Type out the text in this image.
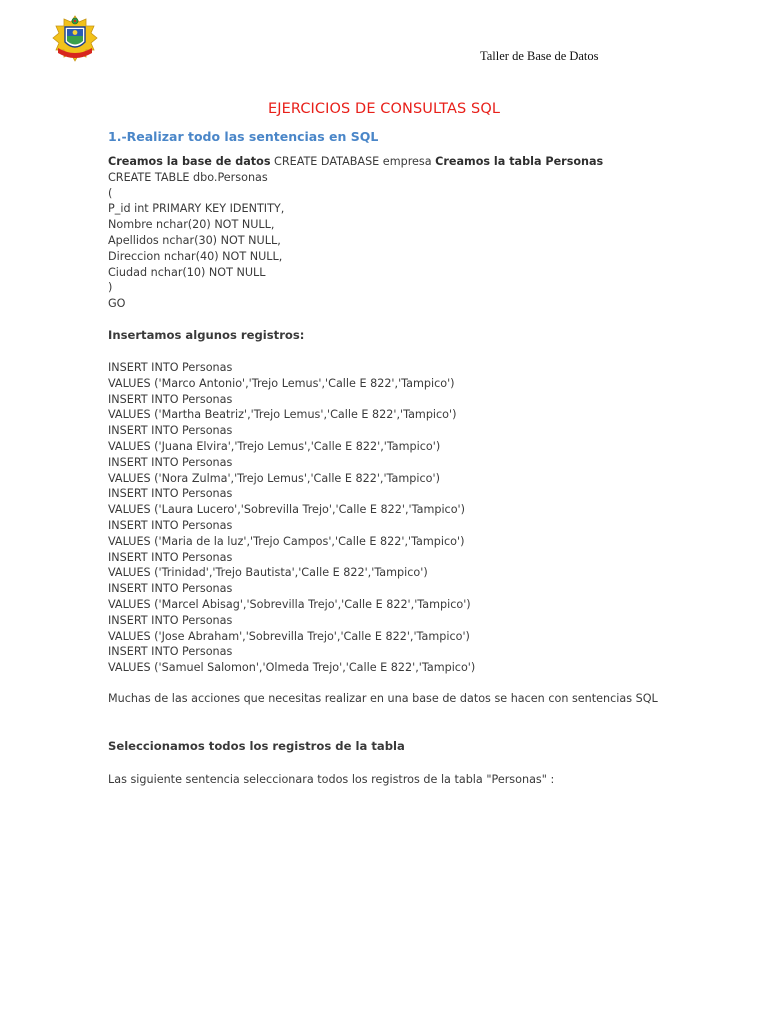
Taller de Base de Datos
EJERCICIOS DE CONSULTAS SQL
1.-Realizar todo las sentencias en SQL
Creamos la base de datos CREATE DATABASE empresa Creamos la tabla Personas
CREATE TABLE dbo.Personas
(
P_id int PRIMARY KEY IDENTITY,
Nombre nchar(20) NOT NULL,
Apellidos nchar(30) NOT NULL,
Direccion nchar(40) NOT NULL,
Ciudad nchar(10) NOT NULL
)
GO
Insertamos algunos registros:
INSERT INTO Personas
VALUES ('Marco Antonio','Trejo Lemus','Calle E 822','Tampico')
INSERT INTO Personas
VALUES ('Martha Beatriz','Trejo Lemus','Calle E 822','Tampico')
INSERT INTO Personas
VALUES ('Juana Elvira','Trejo Lemus','Calle E 822','Tampico')
INSERT INTO Personas
VALUES ('Nora Zulma','Trejo Lemus','Calle E 822','Tampico')
INSERT INTO Personas
VALUES ('Laura Lucero','Sobrevilla Trejo','Calle E 822','Tampico')
INSERT INTO Personas
VALUES ('Maria de la luz','Trejo Campos','Calle E 822','Tampico')
INSERT INTO Personas
VALUES ('Trinidad','Trejo Bautista','Calle E 822','Tampico')
INSERT INTO Personas
VALUES ('Marcel Abisag','Sobrevilla Trejo','Calle E 822','Tampico')
INSERT INTO Personas
VALUES ('Jose Abraham','Sobrevilla Trejo','Calle E 822','Tampico')
INSERT INTO Personas
VALUES ('Samuel Salomon','Olmeda Trejo','Calle E 822','Tampico')
Muchas de las acciones que necesitas realizar en una base de datos se hacen con sentencias SQL
Seleccionamos todos los registros de la tabla
Las siguiente sentencia seleccionara todos los registros de la tabla "Personas" :
